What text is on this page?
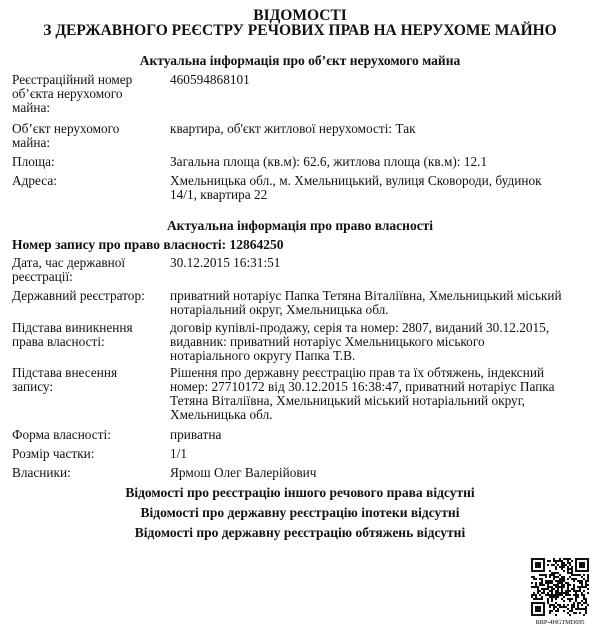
ВІДОМОСТІ
З ДЕРЖАВНОГО РЕЄСТРУ РЕЧОВИХ ПРАВ НА НЕРУХОМЕ МАЙНО
Актуальна інформація про об’єкт нерухомого майна
Реєстраційний номер об’єкта нерухомого майна:
460594868101
Об’єкт нерухомого майна:
квартира, об'єкт житлової нерухомості: Так
Площа:	Загальна площа (кв.м): 62.6, житлова площа (кв.м): 12.1
Адреса:	Хмельницька обл., м. Хмельницький, вулиця Сковороди, будинок 14/1, квартира 22
Актуальна інформація про право власності
Номер запису про право власності: 12864250
Дата, час державної реєстрації:
30.12.2015 16:31:51
Державний реєстратор:	приватний нотаріус Папка Тетяна Віталіївна, Хмельницький міський нотаріальний округ, Хмельницька обл.
Підстава виникнення права власності:
договір купівлі-продажу, серія та номер: 2807, виданий 30.12.2015, видавник: приватний нотаріус Хмельницького міського нотаріального округу Папка Т.В.
Підстава внесення запису:
Рішення про державну реєстрацію прав та їх обтяжень, індексний номер: 27710172 від 30.12.2015 16:38:47, приватний нотаріус Папка Тетяна Віталіївна, Хмельницький міський нотаріальний округ, Хмельницька обл.
Форма власності:	приватна
Розмір частки:	1/1
Власники:	Ярмош Олег Валерійович
Відомості про реєстрацію іншого речового права відсутні
Відомості про державну реєстрацію іпотеки відсутні
Відомості про державну реєстрацію обтяжень відсутні
RRP-4HGTMD695
